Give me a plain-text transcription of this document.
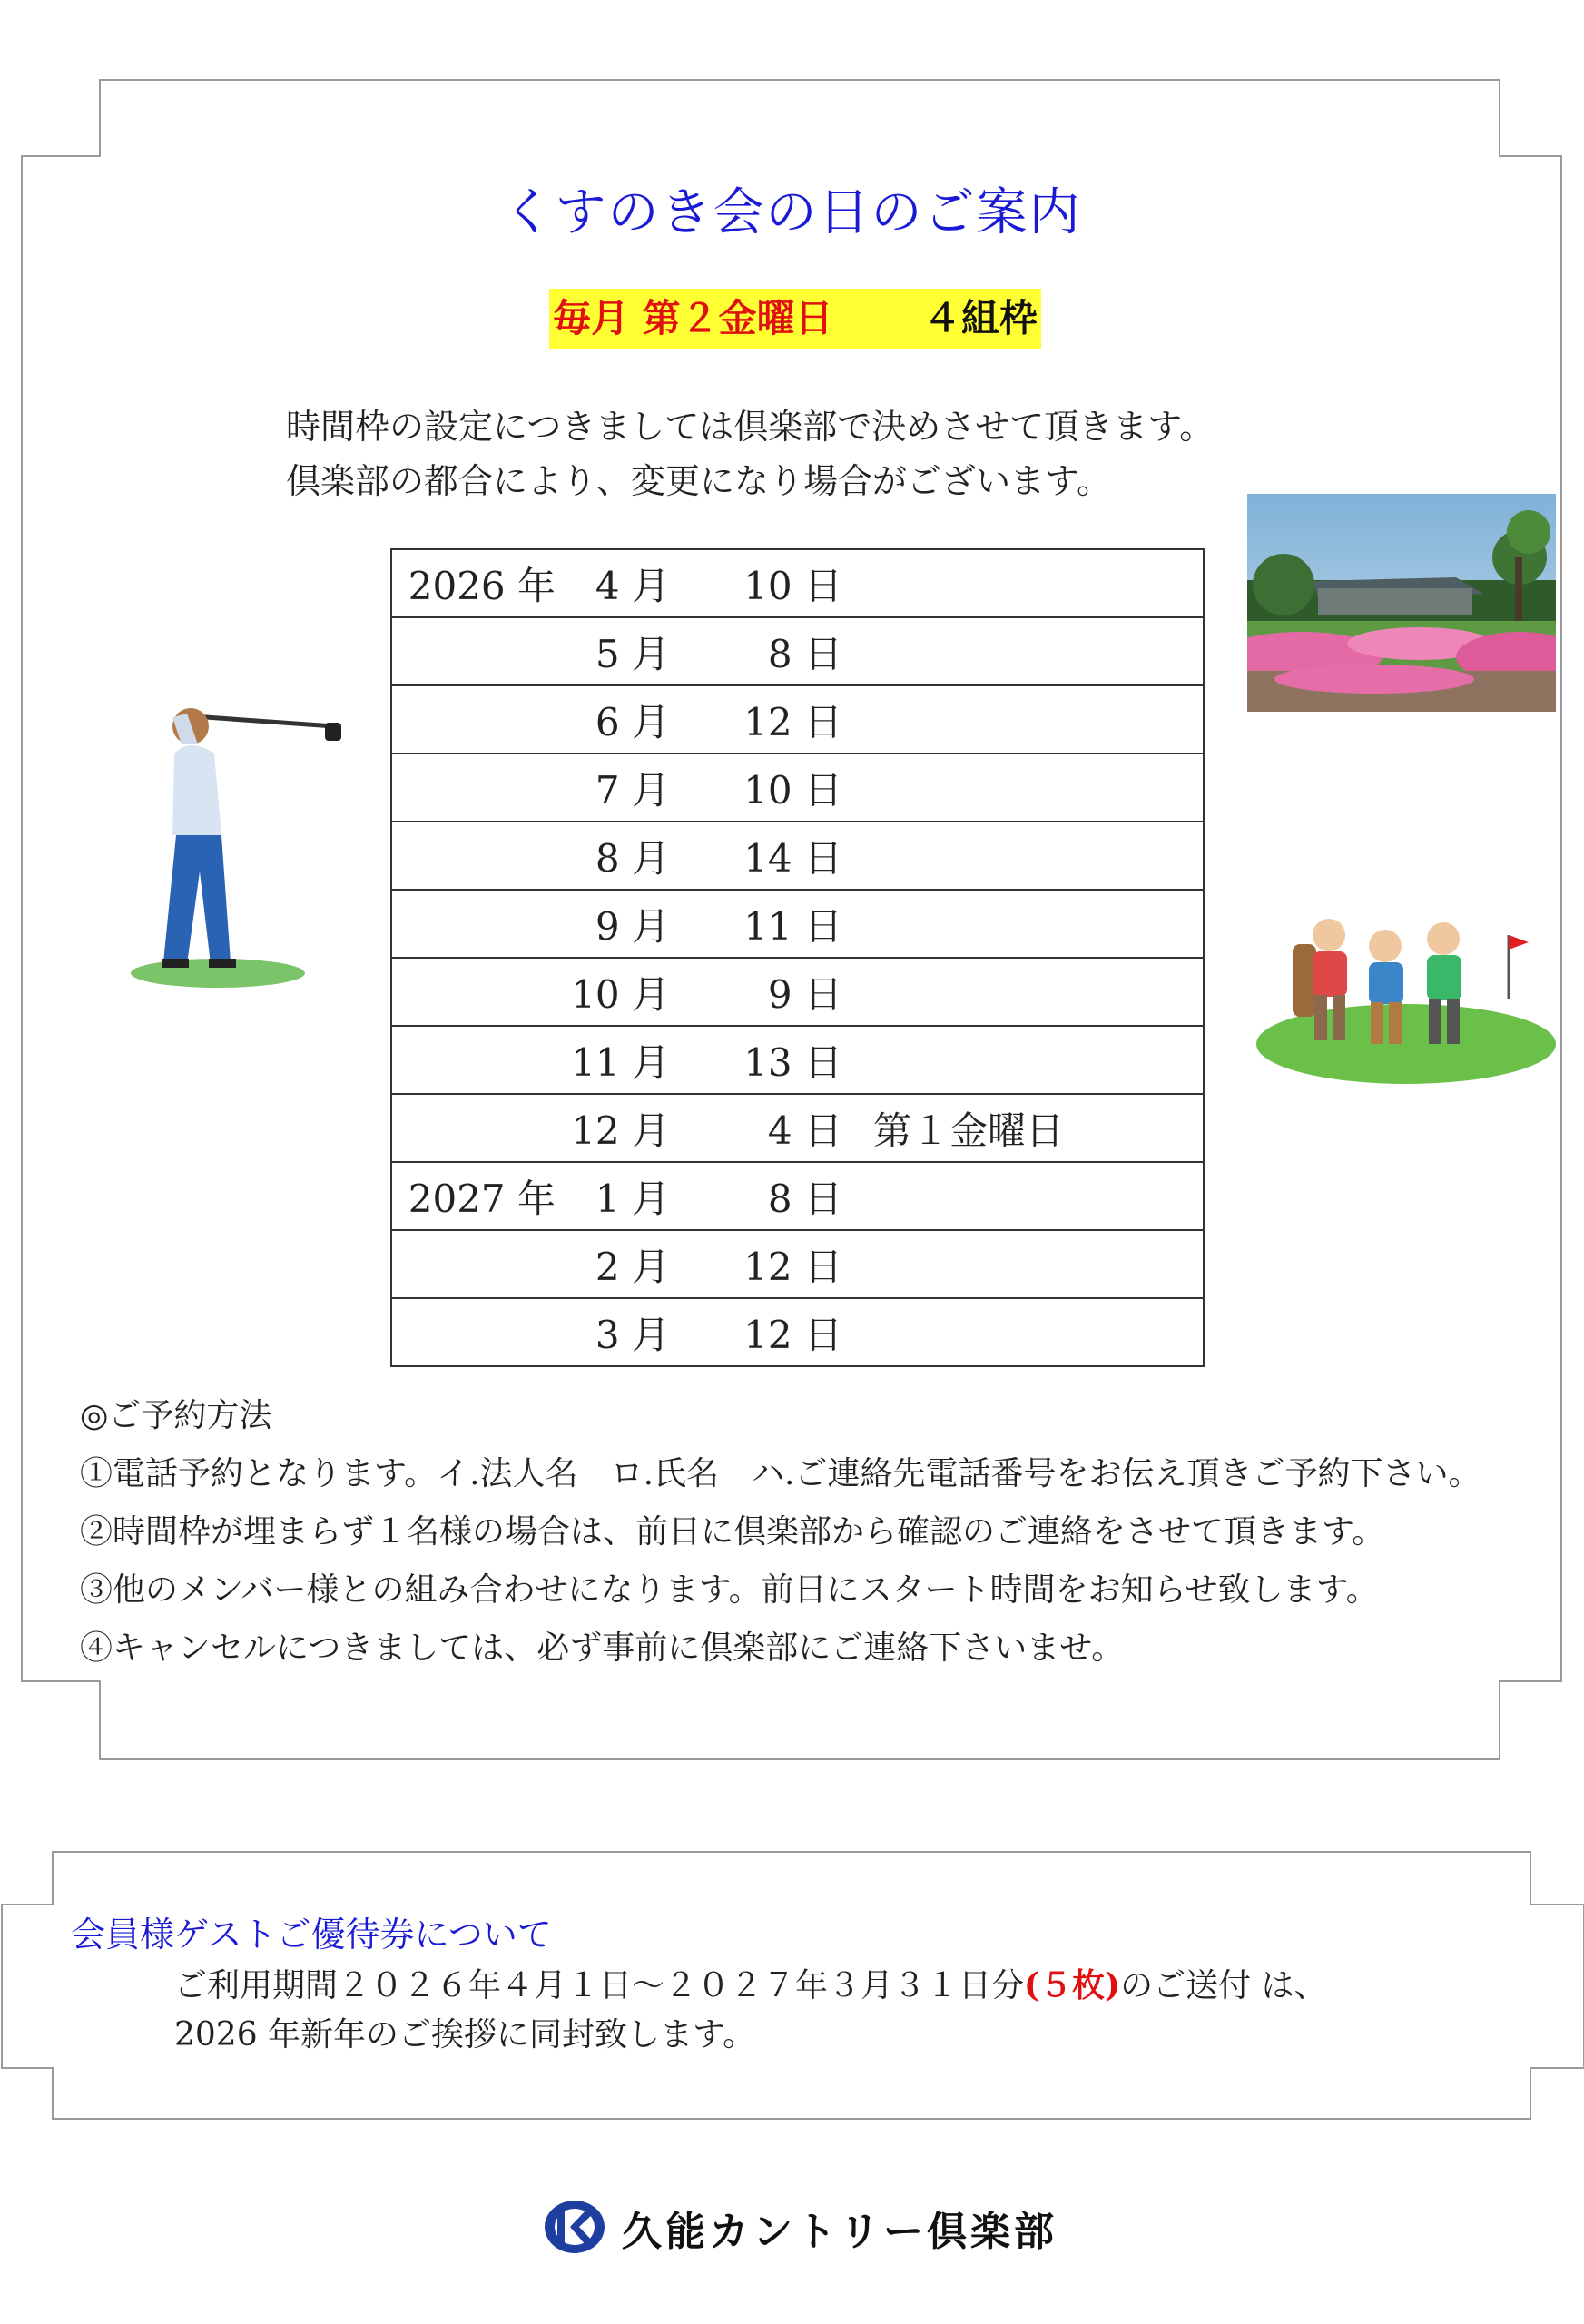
くすのき会の日のご案内
毎月 第２金曜日 ４組枠
時間枠の設定につきましては倶楽部で決めさせて頂きます。
倶楽部の都合により、変更になり場合がございます。
2026 年	4 月	10 日	
	5 月	8 日	
	6 月	12 日	
	7 月	10 日	
	8 月	14 日	
	9 月	11 日	
	10 月	9 日	
	11 月	13 日	
	12 月	4 日	第１金曜日
2027 年	1 月	8 日	
	2 月	12 日	
	3 月	12 日	
◎ご予約方法
①電話予約となります。イ.法人名　ロ.氏名　ハ.ご連絡先電話番号をお伝え頂きご予約下さい。
②時間枠が埋まらず１名様の場合は、前日に倶楽部から確認のご連絡をさせて頂きます。
③他のメンバー様との組み合わせになります。前日にスタート時間をお知らせ致します。
④キャンセルにつきましては、必ず事前に倶楽部にご連絡下さいませ。
会員様ゲストご優待券について
ご利用期間２０２６年４月１日～２０２７年３月３１日分(５枚)のご送付 は、
2026 年新年のご挨拶に同封致します。
久能カントリー倶楽部
